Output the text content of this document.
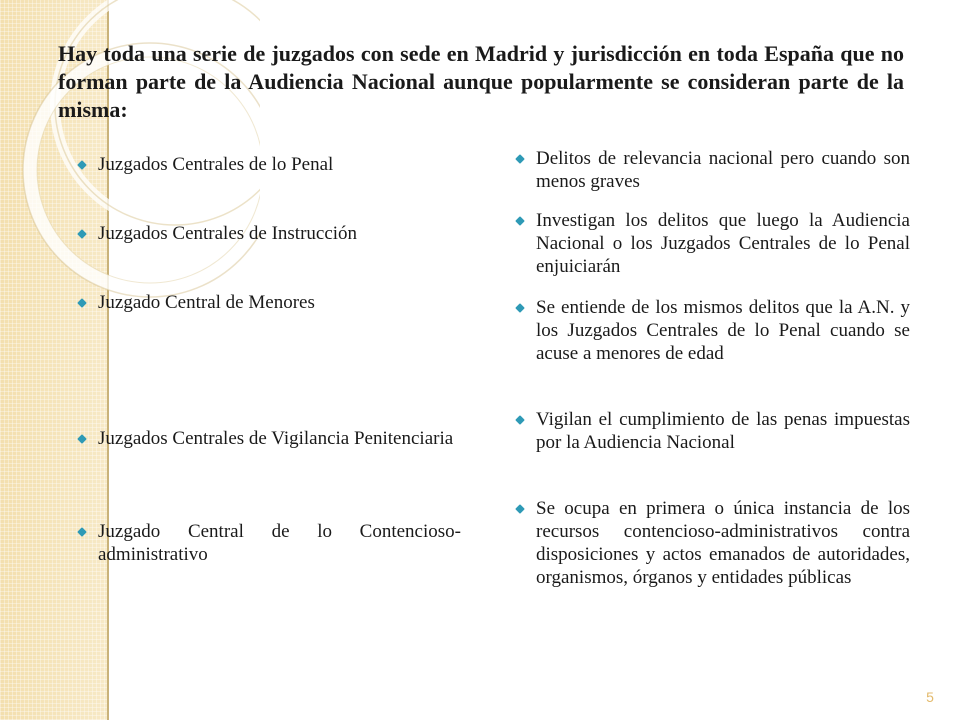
Hay toda una serie de juzgados con sede en Madrid y jurisdicción en toda España que no forman parte de la Audiencia Nacional aunque popularmente se consideran parte de la misma:
Juzgados Centrales de lo Penal
Juzgados Centrales de Instrucción
Juzgado Central de Menores
Juzgados Centrales de Vigilancia Penitenciaria
Juzgado Central de lo Contencioso-administrativo
Delitos de relevancia nacional pero cuando son menos graves
Investigan los delitos que luego la Audiencia Nacional o los Juzgados Centrales de lo Penal enjuiciarán
Se entiende de los mismos delitos que la A.N. y los Juzgados Centrales de lo Penal cuando se acuse a menores de edad
Vigilan el cumplimiento de las penas impuestas por la Audiencia Nacional
Se ocupa en primera o única instancia de los recursos contencioso-administrativos contra disposiciones y actos emanados de autoridades, organismos, órganos y entidades públicas
5
